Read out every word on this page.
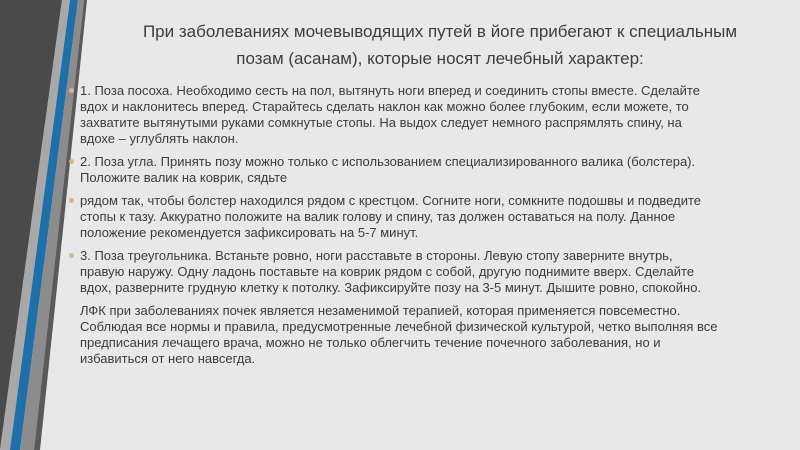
При заболеваниях мочевыводящих путей в йоге прибегают к специальным позам (асанам), которые носят лечебный характер:

1. Поза посоха. Необходимо сесть на пол, вытянуть ноги вперед и соединить стопы вместе. Сделайте вдох и наклонитесь вперед. Старайтесь сделать наклон как можно более глубоким, если можете, то захватите вытянутыми руками сомкнутые стопы. На выдох следует немного распрямлять спину, на вдохе – углублять наклон.

2. Поза угла. Принять позу можно только с использованием специализированного валика (болстера). Положите валик на коврик, сядьте

рядом так, чтобы болстер находился рядом с крестцом. Согните ноги, сомкните подошвы и подведите стопы к тазу. Аккуратно положите на валик голову и спину, таз должен оставаться на полу. Данное положение рекомендуется зафиксировать на 5-7 минут.

3. Поза треугольника. Встаньте ровно, ноги расставьте в стороны. Левую стопу заверните внутрь, правую наружу. Одну ладонь поставьте на коврик рядом с собой, другую поднимите вверх. Сделайте вдох, разверните грудную клетку к потолку. Зафиксируйте позу на 3-5 минут. Дышите ровно, спокойно.

ЛФК при заболеваниях почек является незаменимой терапией, которая применяется повсеместно. Соблюдая все нормы и правила, предусмотренные лечебной физической культурой, четко выполняя все предписания лечащего врача, можно не только облегчить течение почечного заболевания, но и избавиться от него навсегда.
